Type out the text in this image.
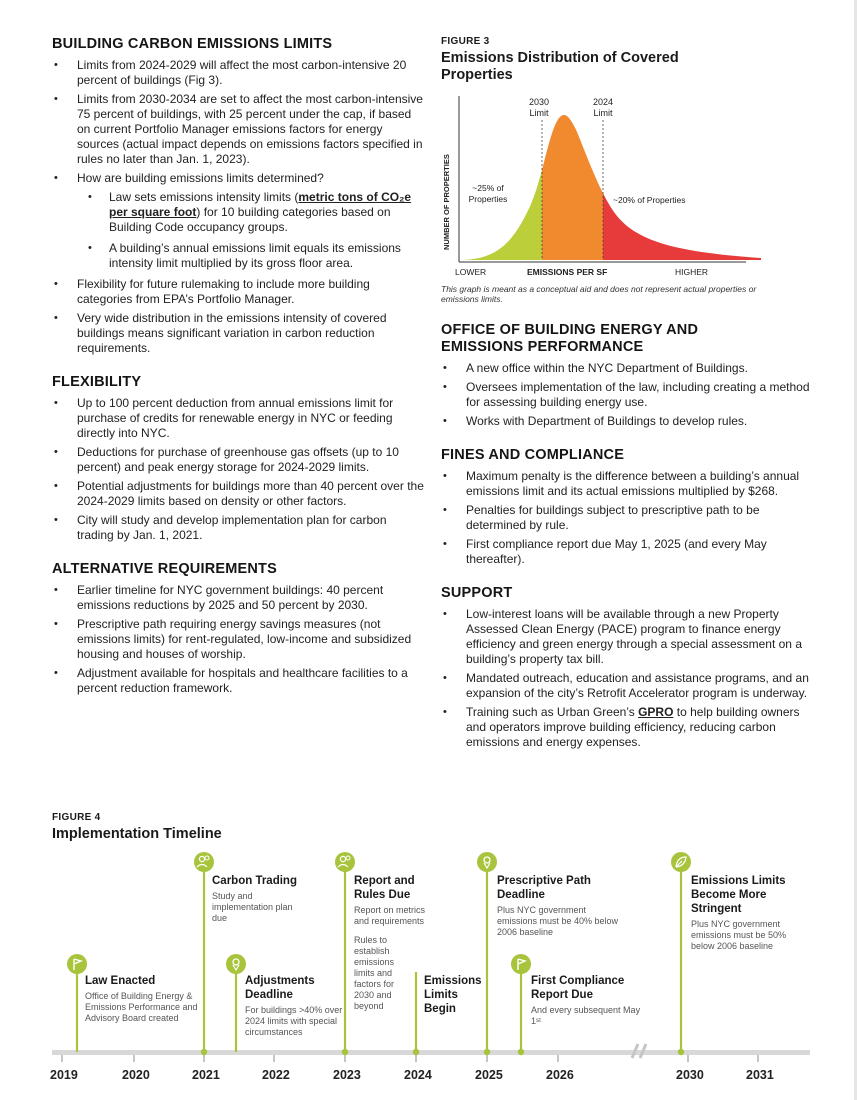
BUILDING CARBON EMISSIONS LIMITS
• Limits from 2024-2029 will affect the most carbon-intensive 20 percent of buildings (Fig 3).
• Limits from 2030-2034 are set to affect the most carbon-intensive 75 percent of buildings, with 25 percent under the cap, if based on current Portfolio Manager emissions factors for energy sources (actual impact depends on emissions factors specified in rules no later than Jan. 1, 2023).
• How are building emissions limits determined?
• Law sets emissions intensity limits (metric tons of CO₂e per square foot) for 10 building categories based on Building Code occupancy groups.
• A building’s annual emissions limit equals its emissions intensity limit multiplied by its gross floor area.
• Flexibility for future rulemaking to include more building categories from EPA’s Portfolio Manager.
• Very wide distribution in the emissions intensity of covered buildings means significant variation in carbon reduction requirements.
FLEXIBILITY
• Up to 100 percent deduction from annual emissions limit for purchase of credits for renewable energy in NYC or feeding directly into NYC.
• Deductions for purchase of greenhouse gas offsets (up to 10 percent) and peak energy storage for 2024-2029 limits.
• Potential adjustments for buildings more than 40 percent over the 2024-2029 limits based on density or other factors.
• City will study and develop implementation plan for carbon trading by Jan. 1, 2021.
ALTERNATIVE REQUIREMENTS
• Earlier timeline for NYC government buildings: 40 percent emissions reductions by 2025 and 50 percent by 2030.
• Prescriptive path requiring energy savings measures (not emissions limits) for rent-regulated, low-income and subsidized housing and houses of worship.
• Adjustment available for hospitals and healthcare facilities to a percent reduction framework.

FIGURE 3

Emissions Distribution of Covered Properties

NUMBER OF PROPERTIES
2030
Limit
2024
Limit
~25% of
Properties	~20% of Properties
LOWER	EMISSIONS PER SF	HIGHER
This graph is meant as a conceptual aid and does not represent actual properties or emissions limits.
OFFICE OF BUILDING ENERGY AND EMISSIONS PERFORMANCE
• A new office within the NYC Department of Buildings.
• Oversees implementation of the law, including creating a method for assessing building energy use.
• Works with Department of Buildings to develop rules.
FINES AND COMPLIANCE
• Maximum penalty is the difference between a building’s annual emissions limit and its actual emissions multiplied by $268.
• Penalties for buildings subject to prescriptive path to be determined by rule.
• First compliance report due May 1, 2025 (and every May thereafter).
SUPPORT
• Low-interest loans will be available through a new Property Assessed Clean Energy (PACE) program to finance energy efficiency and green energy through a special assessment on a building’s property tax bill.
• Mandated outreach, education and assistance programs, and an expansion of the city’s Retrofit Accelerator program is underway.
• Training such as Urban Green’s GPRO to help building owners and operators improve building efficiency, reducing carbon emissions and energy expenses.

FIGURE 4

Implementation Timeline

Law Enacted
Office of Building Energy & Emissions Performance and Advisory Board created
Carbon Trading
Study and implementation plan due
Adjustments Deadline
For buildings >40% over 2024 limits with special circumstances
Report and Rules Due
Report on metrics and requirements
Rules to establish emissions limits and factors for 2030 and beyond
Emissions Limits Begin
Prescriptive Path Deadline
Plus NYC government emissions must be 40% below 2006 baseline
First Compliance Report Due
And every subsequent May 1ˢᵗ
Emissions Limits Become More Stringent
Plus NYC government emissions must be 50% below 2006 baseline
2019	2020	2021	2022	2023	2024	2025	2026	2030	2031
